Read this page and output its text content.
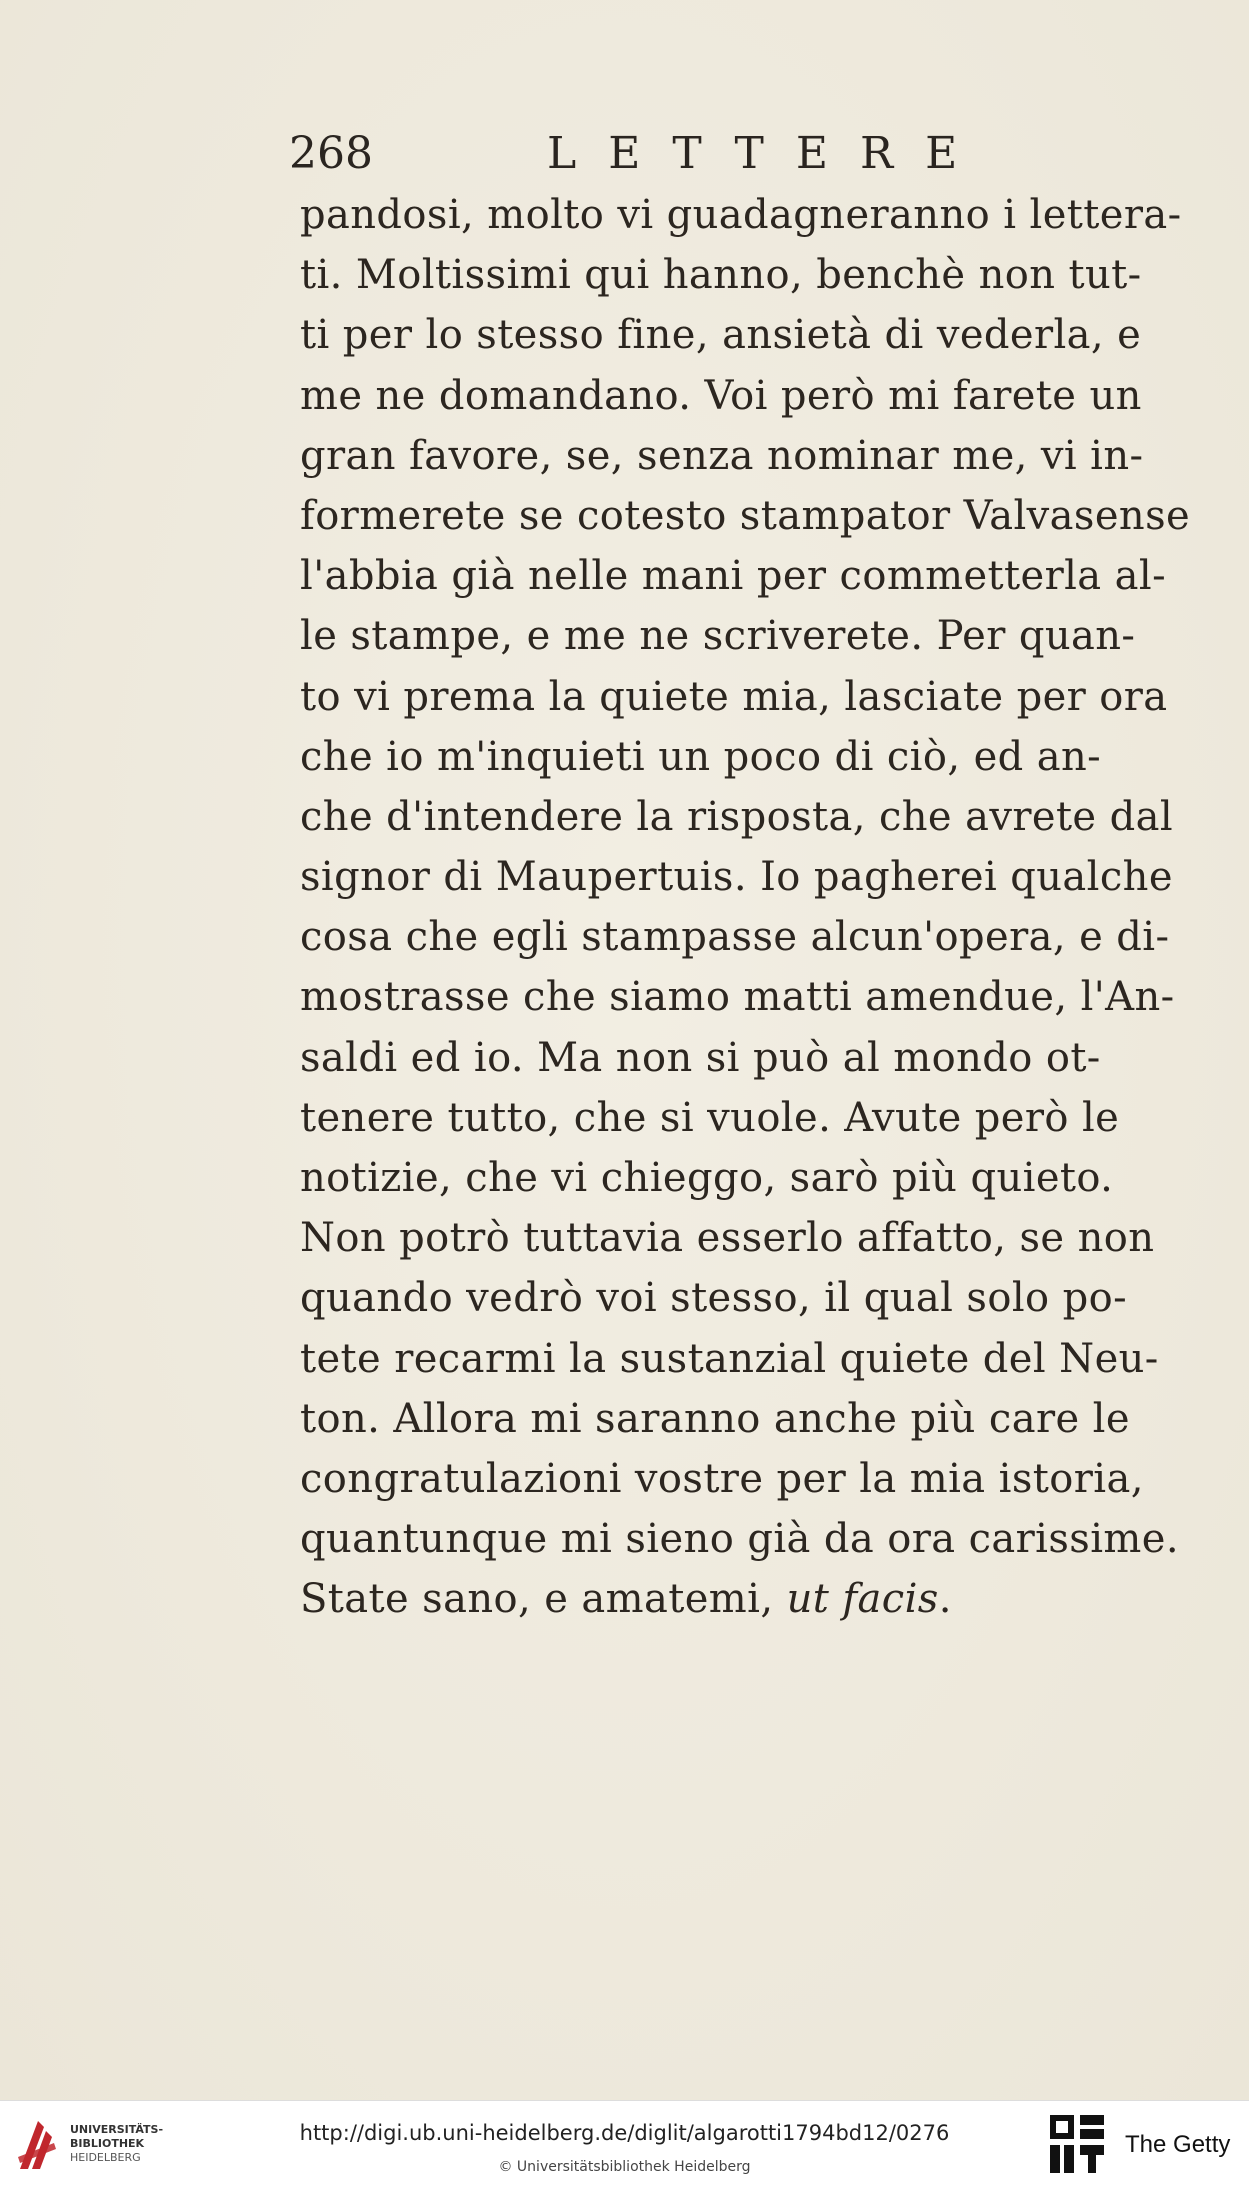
268	LETTERE
pandosi, molto vi guadagneranno i lettera-
ti. Moltissimi qui hanno, benchè non tut-
ti per lo stesso fine, ansietà di vederla, e
me ne domandano. Voi però mi farete un
gran favore, se, senza nominar me, vi in-
formerete se cotesto stampator Valvasense
l'abbia già nelle mani per commetterla al-
le stampe, e me ne scriverete. Per quan-
to vi prema la quiete mia, lasciate per ora
che io m'inquieti un poco di ciò, ed an-
che d'intendere la risposta, che avrete dal
signor di Maupertuis. Io pagherei qualche
cosa che egli stampasse alcun'opera, e di-
mostrasse che siamo matti amendue, l'An-
saldi ed io. Ma non si può al mondo ot-
tenere tutto, che si vuole. Avute però le
notizie, che vi chieggo, sarò più quieto.
Non potrò tuttavia esserlo affatto, se non
quando vedrò voi stesso, il qual solo po-
tete recarmi la sustanzial quiete del Neu-
ton. Allora mi saranno anche più care le
congratulazioni vostre per la mia istoria,
quantunque mi sieno già da ora carissime.
State sano, e amatemi, ut facis.
UNIVERSITÄTS-
BIBLIOTHEK
HEIDELBERG
http://digi.ub.uni-heidelberg.de/diglit/algarotti1794bd12/0276
© Universitätsbibliothek Heidelberg
The Getty
